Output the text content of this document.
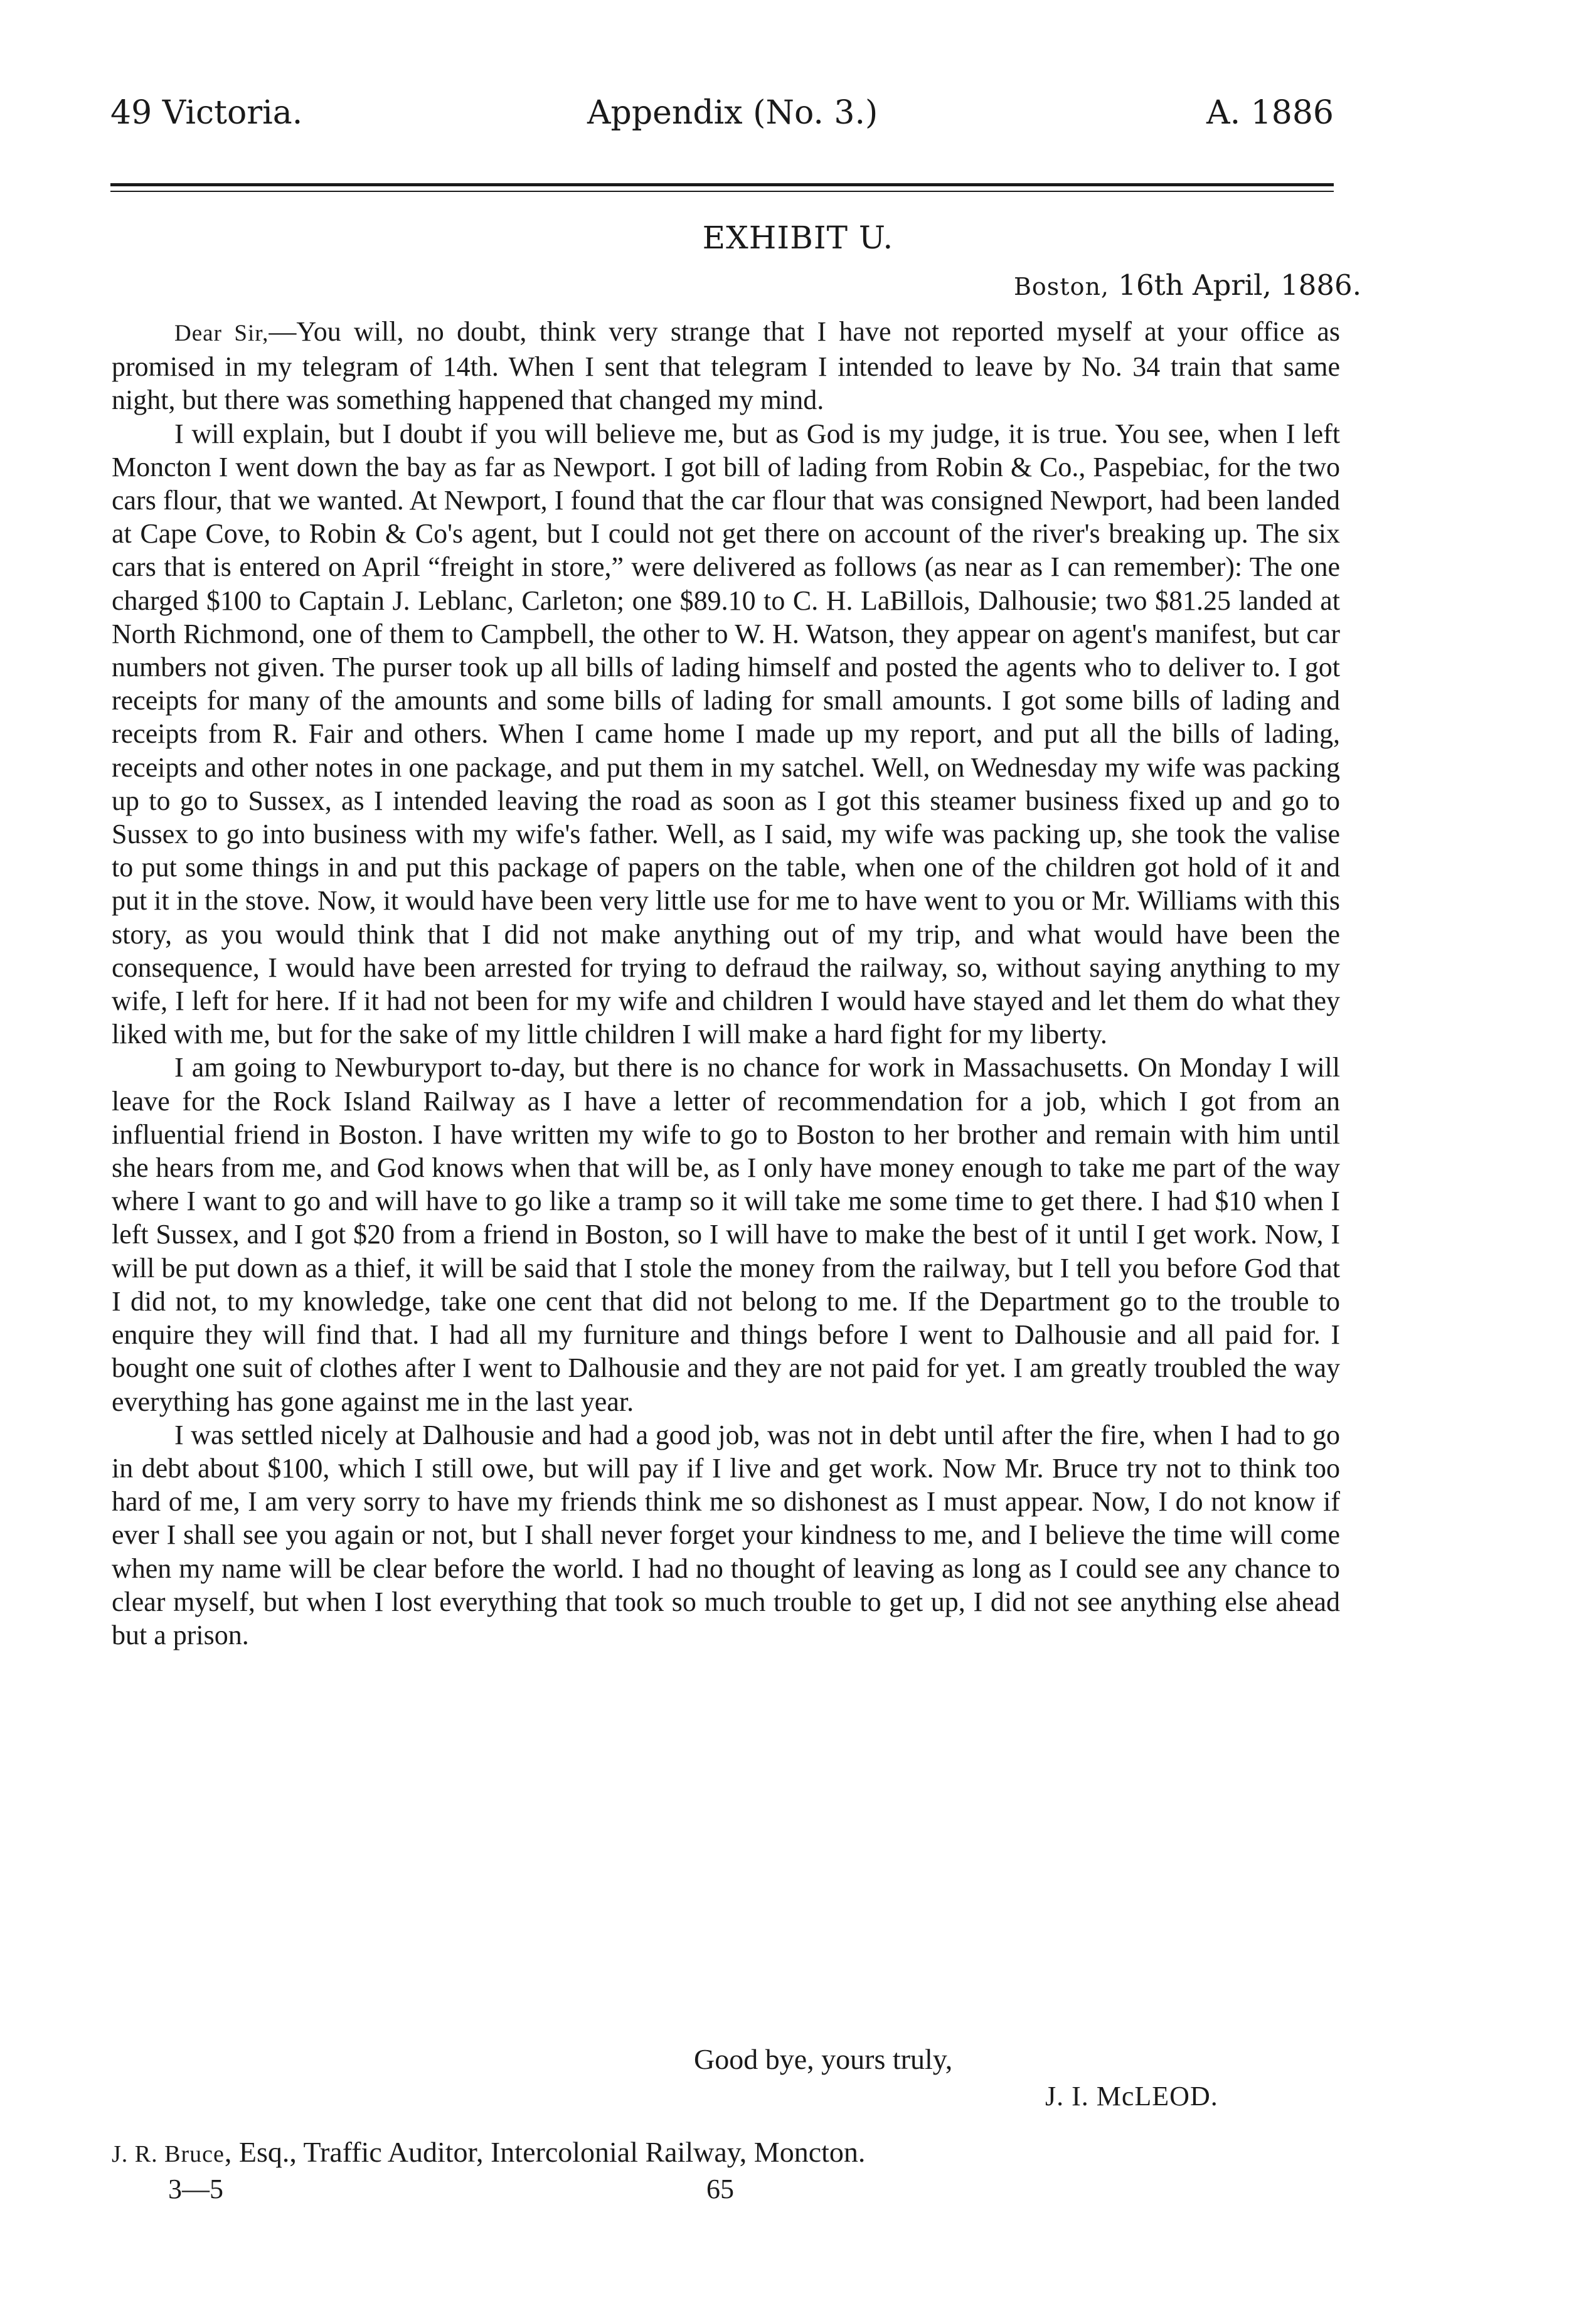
49 Victoria.	Appendix (No. 3.)	A. 1886
EXHIBIT U.
Boston, 16th April, 1886.

Dear Sir,—You will, no doubt, think very strange that I have not reported myself at your office as promised in my telegram of 14th. When I sent that telegram I intended to leave by No. 34 train that same night, but there was something happened that changed my mind.

I will explain, but I doubt if you will believe me, but as God is my judge, it is true. You see, when I left Moncton I went down the bay as far as Newport. I got bill of lading from Robin & Co., Paspebiac, for the two cars flour, that we wanted. At Newport, I found that the car flour that was consigned Newport, had been landed at Cape Cove, to Robin & Co's agent, but I could not get there on account of the river's breaking up. The six cars that is entered on April “freight in store,” were delivered as follows (as near as I can remember): The one charged $100 to Captain J. Leblanc, Carleton; one $89.10 to C. H. LaBillois, Dalhousie; two $81.25 landed at North Richmond, one of them to Campbell, the other to W. H. Watson, they appear on agent's manifest, but car numbers not given. The purser took up all bills of lading himself and posted the agents who to deliver to. I got receipts for many of the amounts and some bills of lading for small amounts. I got some bills of lading and receipts from R. Fair and others. When I came home I made up my report, and put all the bills of lading, receipts and other notes in one package, and put them in my satchel. Well, on Wednesday my wife was packing up to go to Sussex, as I intended leaving the road as soon as I got this steamer business fixed up and go to Sussex to go into business with my wife's father. Well, as I said, my wife was packing up, she took the valise to put some things in and put this package of papers on the table, when one of the children got hold of it and put it in the stove. Now, it would have been very little use for me to have went to you or Mr. Williams with this story, as you would think that I did not make anything out of my trip, and what would have been the consequence, I would have been arrested for trying to defraud the railway, so, without saying anything to my wife, I left for here. If it had not been for my wife and children I would have stayed and let them do what they liked with me, but for the sake of my little children I will make a hard fight for my liberty.

I am going to Newburyport to-day, but there is no chance for work in Massachusetts. On Monday I will leave for the Rock Island Railway as I have a letter of recommendation for a job, which I got from an influential friend in Boston. I have written my wife to go to Boston to her brother and remain with him until she hears from me, and God knows when that will be, as I only have money enough to take me part of the way where I want to go and will have to go like a tramp so it will take me some time to get there. I had $10 when I left Sussex, and I got $20 from a friend in Boston, so I will have to make the best of it until I get work. Now, I will be put down as a thief, it will be said that I stole the money from the railway, but I tell you before God that I did not, to my knowledge, take one cent that did not belong to me. If the Department go to the trouble to enquire they will find that. I had all my furniture and things before I went to Dalhousie and all paid for. I bought one suit of clothes after I went to Dalhousie and they are not paid for yet. I am greatly troubled the way everything has gone against me in the last year.

I was settled nicely at Dalhousie and had a good job, was not in debt until after the fire, when I had to go in debt about $100, which I still owe, but will pay if I live and get work. Now Mr. Bruce try not to think too hard of me, I am very sorry to have my friends think me so dishonest as I must appear. Now, I do not know if ever I shall see you again or not, but I shall never forget your kindness to me, and I believe the time will come when my name will be clear before the world. I had no thought of leaving as long as I could see any chance to clear myself, but when I lost everything that took so much trouble to get up, I did not see anything else ahead but a prison.

Good bye, yours truly,
J. I. McLEOD.
J. R. Bruce, Esq., Traffic Auditor, Intercolonial Railway, Moncton.
3—5	65
